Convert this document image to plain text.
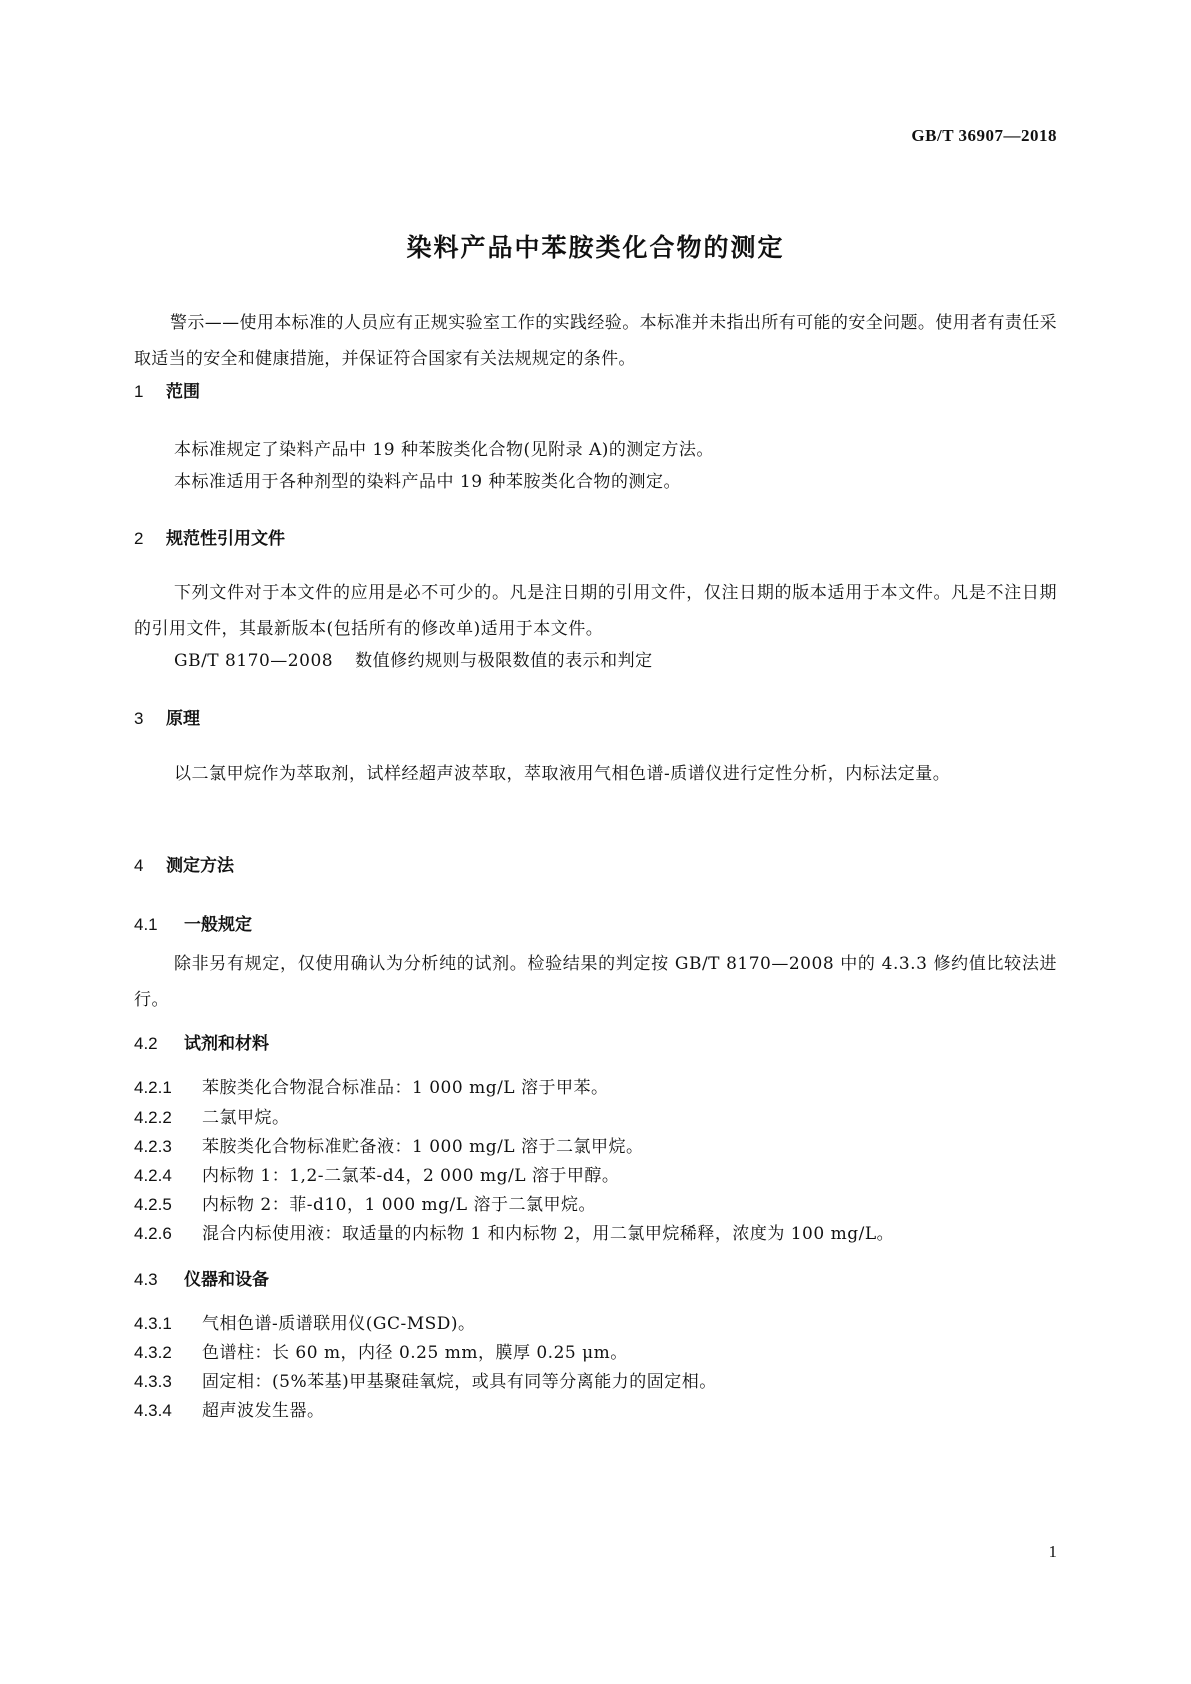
GB/T 36907—2018
染料产品中苯胺类化合物的测定

警示——使用本标准的人员应有正规实验室工作的实践经验。本标准并未指出所有可能的安全问题。使用者有责任采取适当的安全和健康措施，并保证符合国家有关法规规定的条件。

1 范围
本标准规定了染料产品中 19 种苯胺类化合物(见附录 A)的测定方法。
本标准适用于各种剂型的染料产品中 19 种苯胺类化合物的测定。
2 规范性引用文件

下列文件对于本文件的应用是必不可少的。凡是注日期的引用文件，仅注日期的版本适用于本文件。凡是不注日期的引用文件，其最新版本(包括所有的修改单)适用于本文件。

GB/T 8170—2008 数值修约规则与极限数值的表示和判定
3 原理

以二氯甲烷作为萃取剂，试样经超声波萃取，萃取液用气相色谱-质谱仪进行定性分析，内标法定量。

4 测定方法
4.1 一般规定

除非另有规定，仅使用确认为分析纯的试剂。检验结果的判定按 GB/T 8170—2008 中的 4.3.3 修约值比较法进行。

4.2 试剂和材料
4.2.1 苯胺类化合物混合标准品：1 000 mg/L 溶于甲苯。
4.2.2 二氯甲烷。
4.2.3 苯胺类化合物标准贮备液：1 000 mg/L 溶于二氯甲烷。
4.2.4 内标物 1：1,2-二氯苯-d4，2 000 mg/L 溶于甲醇。
4.2.5 内标物 2：菲-d10，1 000 mg/L 溶于二氯甲烷。
4.2.6 混合内标使用液：取适量的内标物 1 和内标物 2，用二氯甲烷稀释，浓度为 100 mg/L。
4.3 仪器和设备
4.3.1 气相色谱-质谱联用仪(GC-MSD)。
4.3.2 色谱柱：长 60 m，内径 0.25 mm，膜厚 0.25 μm。
4.3.3 固定相：(5%苯基)甲基聚硅氧烷，或具有同等分离能力的固定相。
4.3.4 超声波发生器。
1
